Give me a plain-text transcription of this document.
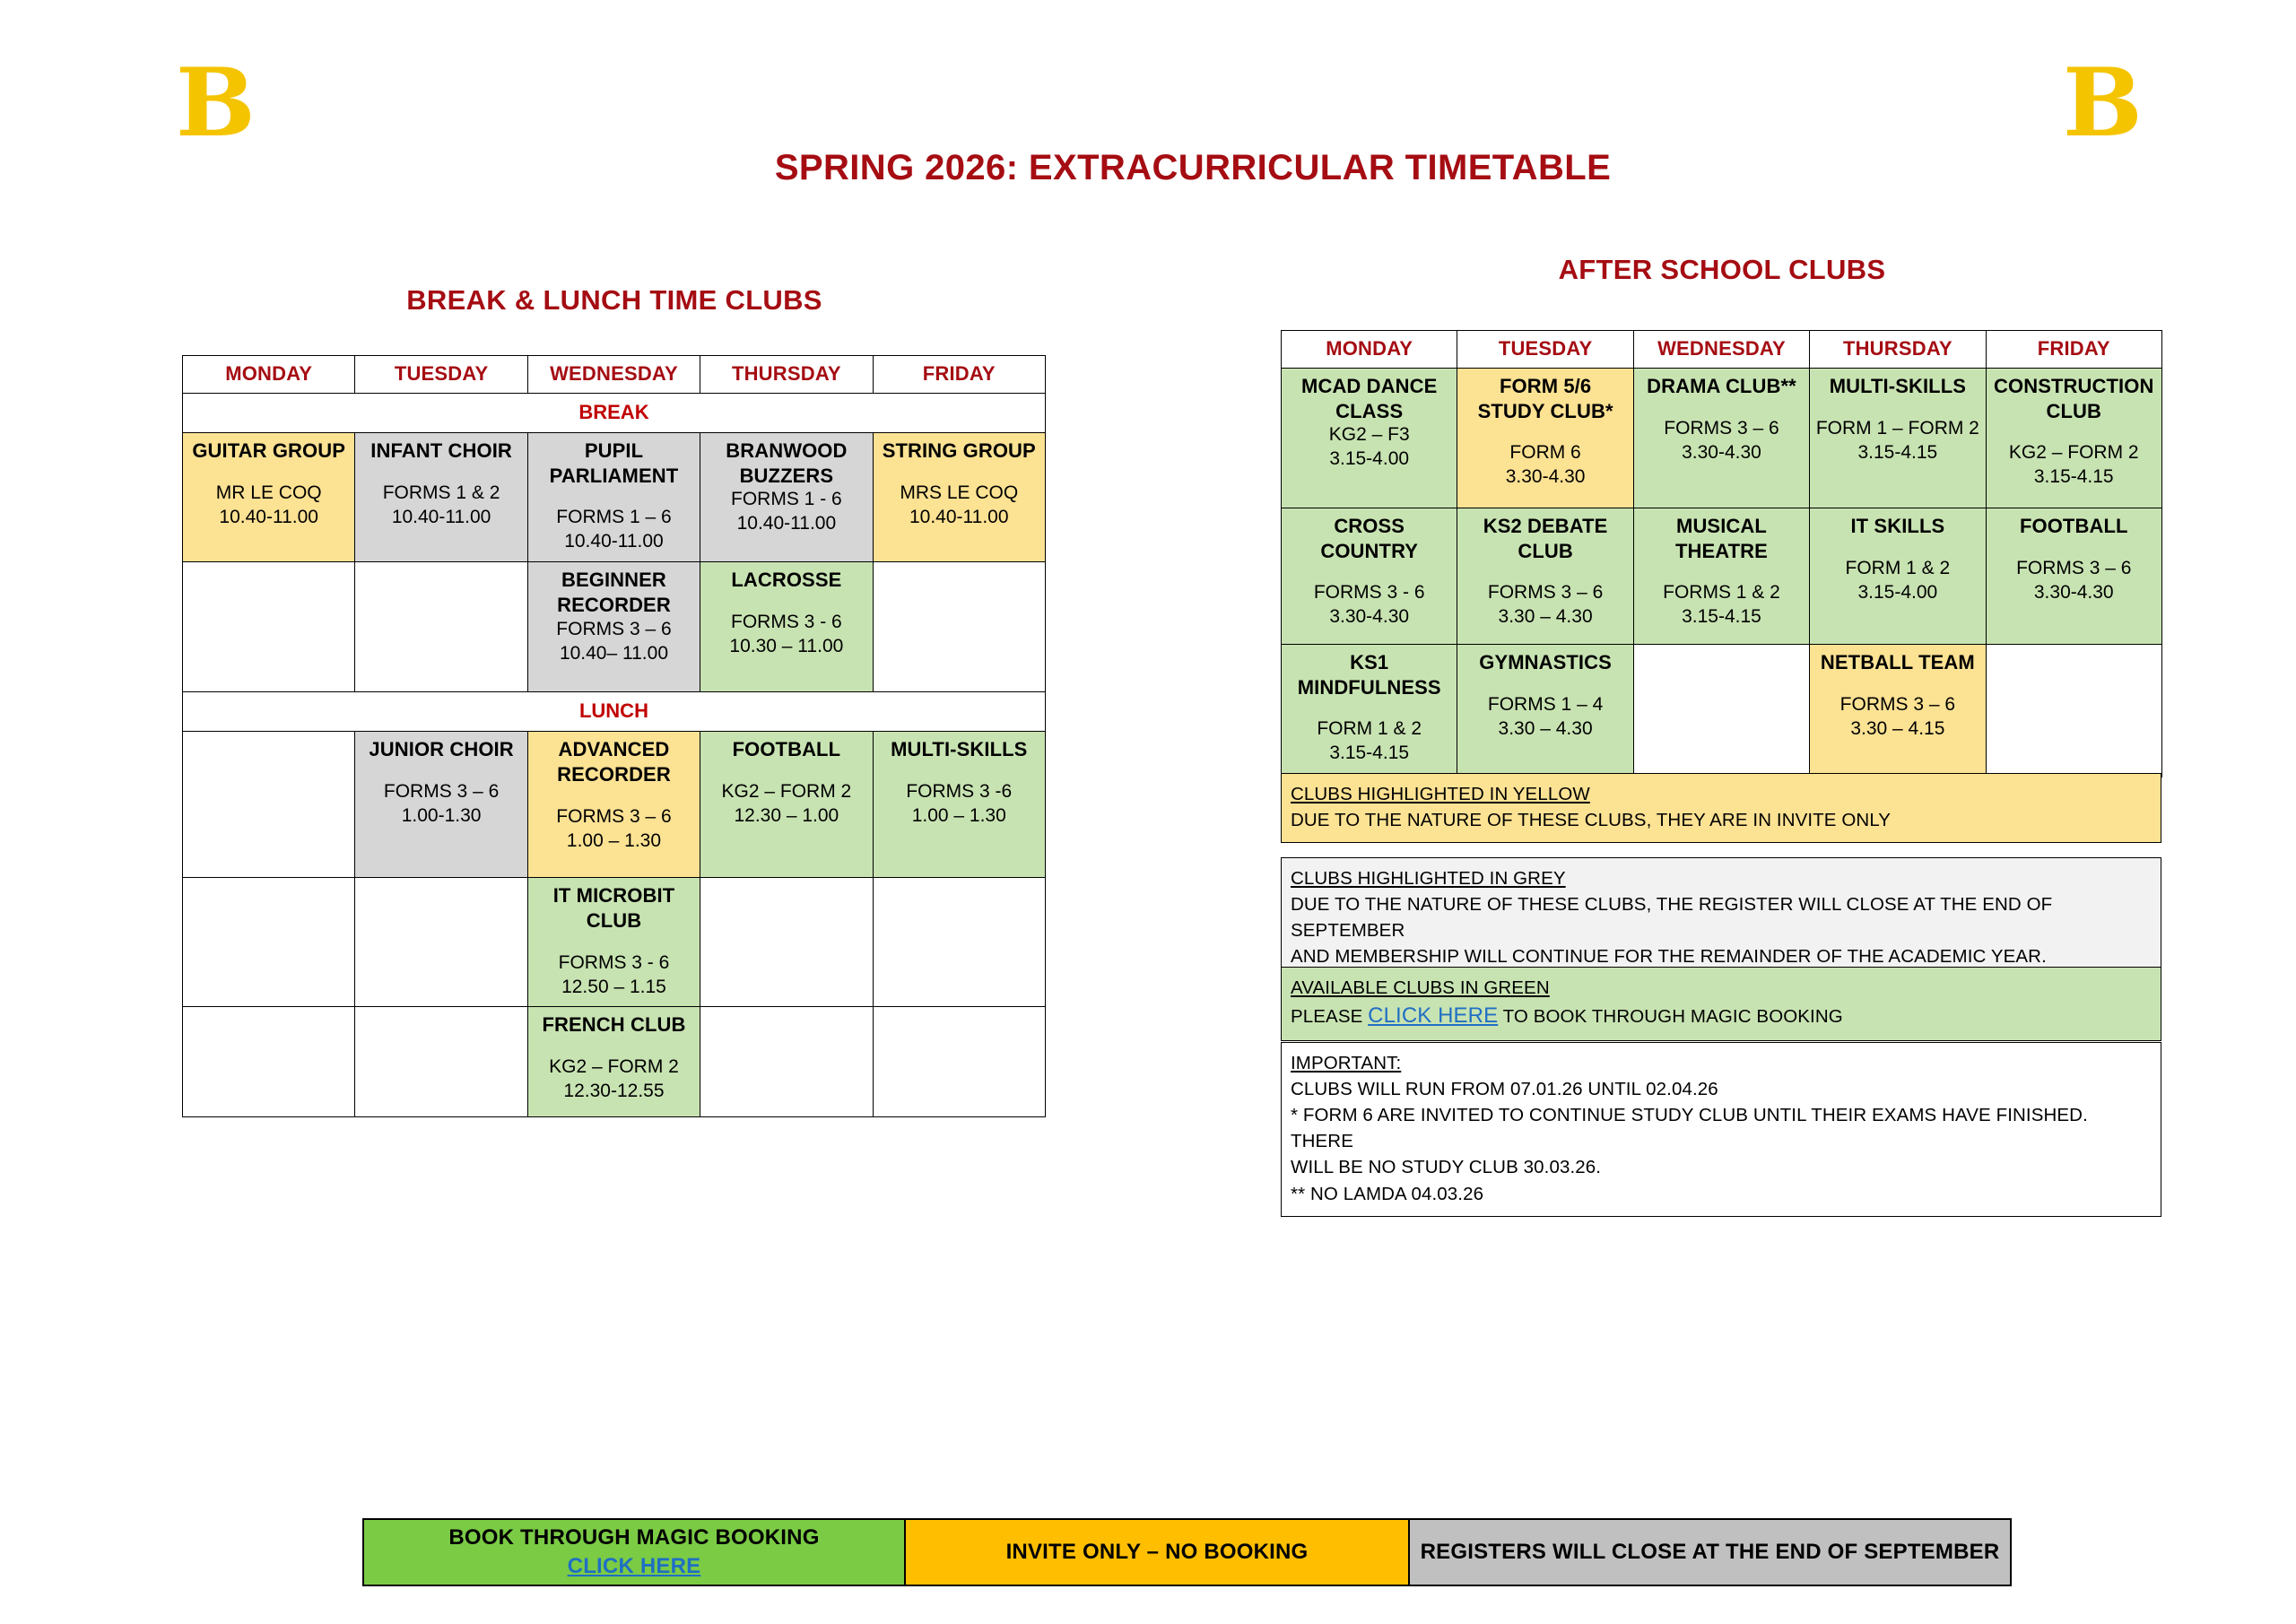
B	B
SPRING 2026: EXTRACURRICULAR TIMETABLE
BREAK & LUNCH TIME CLUBS
AFTER SCHOOL CLUBS
MONDAY	TUESDAY	WEDNESDAY	THURSDAY	FRIDAY
BREAK				

GUITAR GROUP
MR LE COQ
10.40-11.00	INFANT CHOIR
FORMS 1 & 2
10.40-11.00	PUPIL PARLIAMENT
FORMS 1 – 6
10.40-11.00	BRANWOOD BUZZERS
FORMS 1 - 6
10.40-11.00	STRING GROUP
MRS LE COQ
10.40-11.00

		BEGINNER RECORDER
FORMS 3 – 6
10.40– 11.00	LACROSSE
FORMS 3 - 6
10.30 – 11.00	

LUNCH				

	JUNIOR CHOIR
FORMS 3 – 6
1.00-1.30	ADVANCED RECORDER
FORMS 3 – 6
1.00 – 1.30	FOOTBALL
KG2 – FORM 2
12.30 – 1.00	MULTI-SKILLS
FORMS 3 -6
1.00 – 1.30

		IT MICROBIT CLUB
FORMS 3 - 6
12.50 – 1.15		

		FRENCH CLUB
KG2 – FORM 2
12.30-12.55		

MONDAY	TUESDAY	WEDNESDAY	THURSDAY	FRIDAY

MCAD DANCE CLASS
KG2 – F3
3.15-4.00	FORM 5/6 STUDY CLUB*
FORM 6
3.30-4.30	DRAMA CLUB**
FORMS 3 – 6
3.30-4.30	MULTI-SKILLS
FORM 1 – FORM 2
3.15-4.15	CONSTRUCTION CLUB
KG2 – FORM 2
3.15-4.15

CROSS COUNTRY
FORMS 3 - 6
3.30-4.30	KS2 DEBATE CLUB
FORMS 3 – 6
3.30 – 4.30	MUSICAL THEATRE
FORMS 1 & 2
3.15-4.15	IT SKILLS
FORM 1 & 2
3.15-4.00	FOOTBALL
FORMS 3 – 6
3.30-4.30

KS1 MINDFULNESS
FORM 1 & 2
3.15-4.15	GYMNASTICS
FORMS 1 – 4
3.30 – 4.30		NETBALL TEAM
FORMS 3 – 6
3.30 – 4.15	

CLUBS HIGHLIGHTED IN YELLOW
DUE TO THE NATURE OF THESE CLUBS, THEY ARE IN INVITE ONLY
CLUBS HIGHLIGHTED IN GREY
DUE TO THE NATURE OF THESE CLUBS, THE REGISTER WILL CLOSE AT THE END OF SEPTEMBER
AND MEMBERSHIP WILL CONTINUE FOR THE REMAINDER OF THE ACADEMIC YEAR.
AVAILABLE CLUBS IN GREEN
PLEASE CLICK HERE TO BOOK THROUGH MAGIC BOOKING
IMPORTANT:
CLUBS WILL RUN FROM 07.01.26 UNTIL 02.04.26
* FORM 6 ARE INVITED TO CONTINUE STUDY CLUB UNTIL THEIR EXAMS HAVE FINISHED. THERE
WILL BE NO STUDY CLUB 30.03.26.
** NO LAMDA 04.03.26
BOOK THROUGH MAGIC BOOKING
CLICK HERE
	INVITE ONLY – NO BOOKING	REGISTERS WILL CLOSE AT THE END OF SEPTEMBER
